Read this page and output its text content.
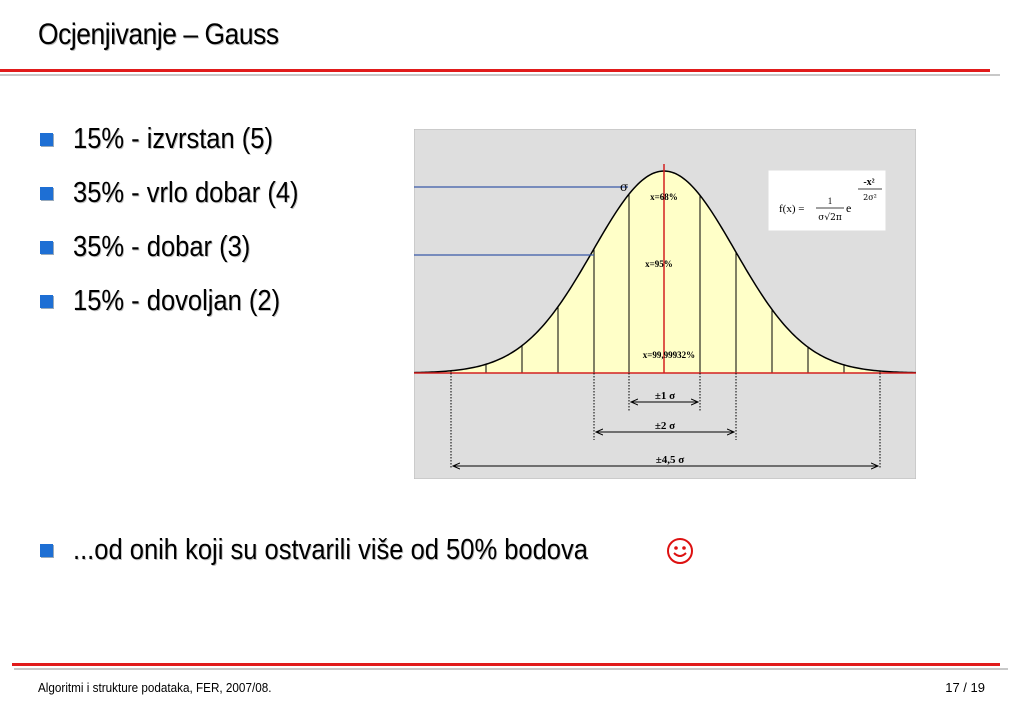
Ocjenjivanje – Gauss
15% - izvrstan (5)
35% - vrlo dobar (4)
35% - dobar (3)
15% - dovoljan (2)
σ
x=68%
x=95%
x=99,99932%
±1 σ
±2 σ
±4,5 σ
f(x) =
1
σ√2π
e
-x²
2σ²
...od onih koji su ostvarili više od 50% bodova
Algoritmi i strukture podataka, FER, 2007/08.	17 / 19
